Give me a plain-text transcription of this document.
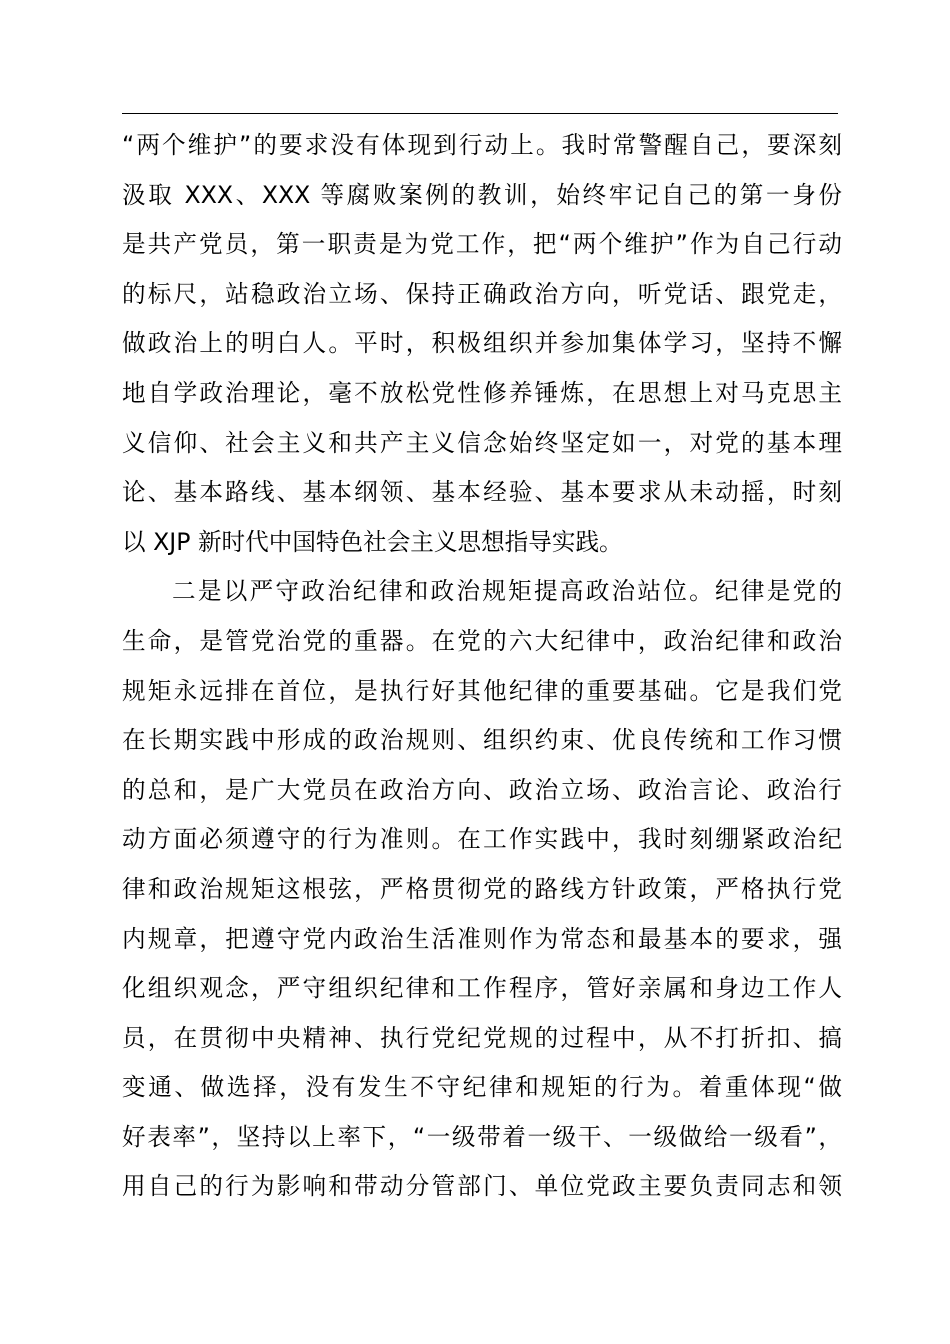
“两个维护”的要求没有体现到行动上。我时常警醒自己，要深刻
汲取 XXX、XXX 等腐败案例的教训，始终牢记自己的第一身份
是共产党员，第一职责是为党工作，把“两个维护”作为自己行动
的标尺，站稳政治立场、保持正确政治方向，听党话、跟党走，
做政治上的明白人。平时，积极组织并参加集体学习，坚持不懈
地自学政治理论，毫不放松党性修养锤炼，在思想上对马克思主
义信仰、社会主义和共产主义信念始终坚定如一，对党的基本理
论、基本路线、基本纲领、基本经验、基本要求从未动摇，时刻
以 XJP 新时代中国特色社会主义思想指导实践。
二是以严守政治纪律和政治规矩提高政治站位。纪律是党的
生命，是管党治党的重器。在党的六大纪律中，政治纪律和政治
规矩永远排在首位，是执行好其他纪律的重要基础。它是我们党
在长期实践中形成的政治规则、组织约束、优良传统和工作习惯
的总和，是广大党员在政治方向、政治立场、政治言论、政治行
动方面必须遵守的行为准则。在工作实践中，我时刻绷紧政治纪
律和政治规矩这根弦，严格贯彻党的路线方针政策，严格执行党
内规章，把遵守党内政治生活准则作为常态和最基本的要求，强
化组织观念，严守组织纪律和工作程序，管好亲属和身边工作人
员，在贯彻中央精神、执行党纪党规的过程中，从不打折扣、搞
变通、做选择，没有发生不守纪律和规矩的行为。着重体现“做
好表率”，坚持以上率下，“一级带着一级干、一级做给一级看”，
用自己的行为影响和带动分管部门、单位党政主要负责同志和领
